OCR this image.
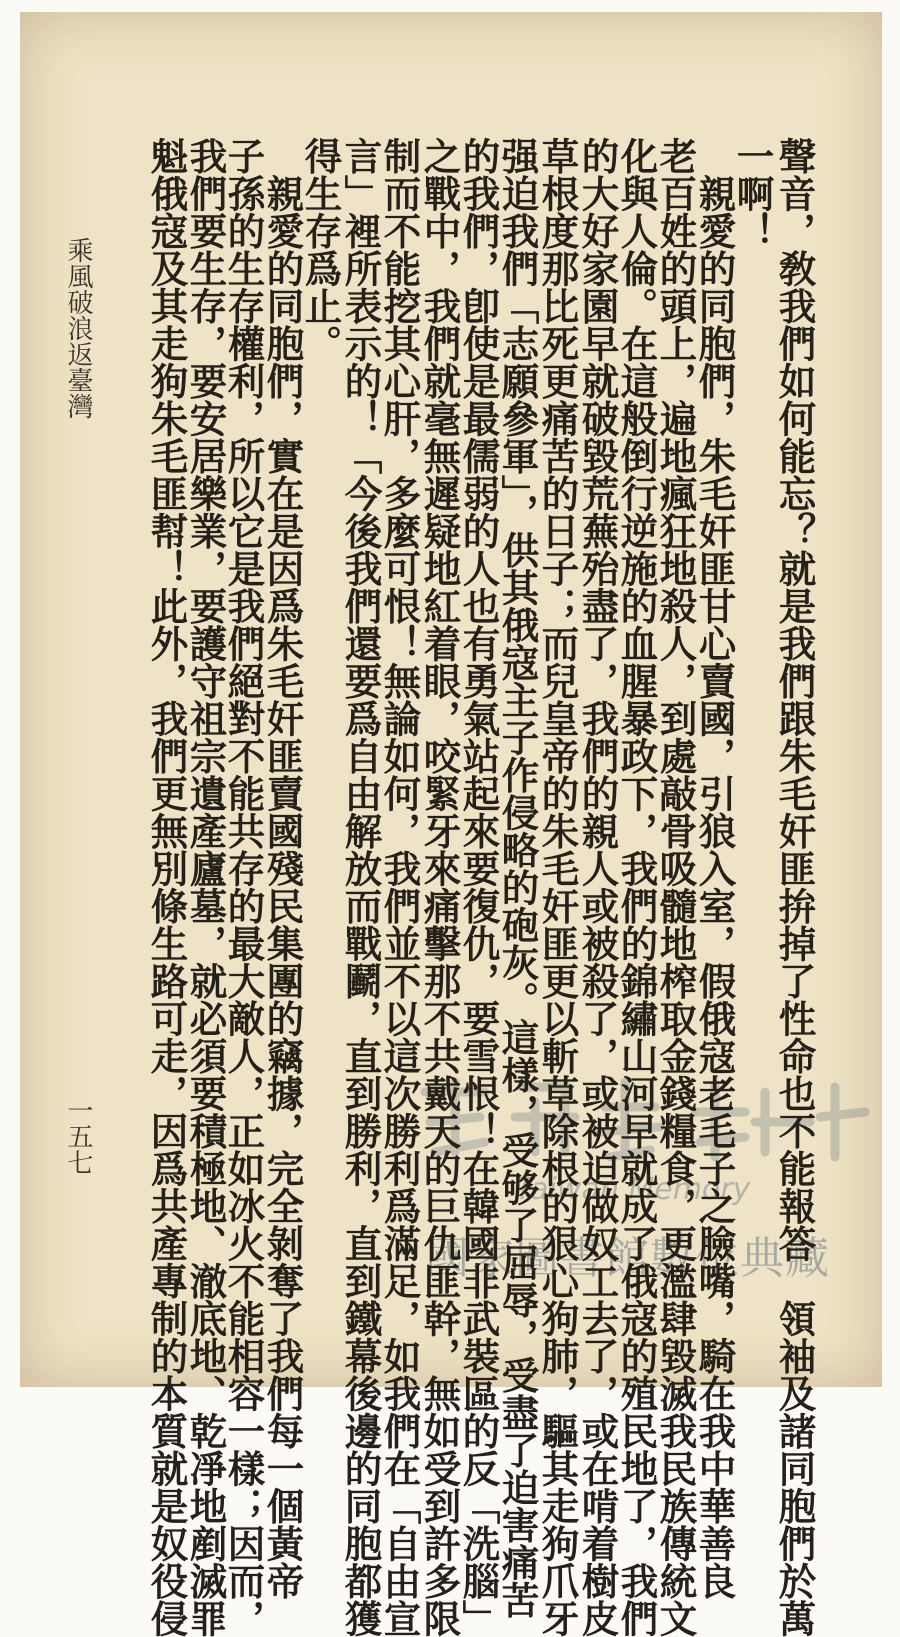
Taiwan Memory
國家圖書館數位典藏
聲音，敎我們如何能忘？就是我們跟朱毛奸匪拚掉了性命也不能報答　領袖及諸同胞們於萬
一啊！
　親愛的同胞們，朱毛奸匪甘心賣國，引狼入室，假俄寇老毛子之臉嘴，騎在我中華善良
老百姓的頭上，遍地瘋狂地殺人，到處敲骨吸髓地榨取金錢糧食，更濫肆毀滅我民族傳統文
化與人倫。在這般倒行逆施的血腥暴政下，我們的錦繡山河早就成了俄寇的殖民地了，我們
的大好家園早就破毀荒蕪殆盡了，我們的親人或被殺了，或被迫做奴工去了，或在啃着樹皮
草根度那比死更痛苦的日子；而兒皇帝的朱毛奸匪更以斬草除根的狠心狗肺，驅其走狗爪牙
强迫我們「志願參軍」，供其俄寇主子作侵略的砲灰。這樣，受够了屈辱，受盡了迫害痛苦
的我們，卽使是最儒弱的人也有勇氣站起來要復仇，要雪恨！在韓國非武裝區的反「洗腦」
之戰中，我們就毫無遲疑地紅着眼，咬緊牙來痛擊那不共戴天的巨仇匪幹，無如受到許多限
制而不能挖其心肝，多麼可恨！無論如何，我們並不以這次勝利爲滿足，如我們在「自由宣
言」裡所表示的！「今後我們還要爲自由解放而戰鬬，直到勝利，直到鐵幕後邊的同胞都獲
得生存爲止。
　親愛的同胞們，實在是因爲朱毛奸匪賣國殘民集團的竊據，完全剝奪了我們每一個黃帝
子孫的生存權利，所以它是我們絕對不能共存的最大敵人，正如冰火不能相容一樣；因而，
我們要生存，要安居樂業，要護守祖宗遺產廬墓，就必須要積極地、澈底地、乾凈地剷滅罪
魁俄寇及其走狗朱毛匪幇！此外，我們更無別條生路可走，因爲共產專制的本質就是奴役侵
乘風破浪返臺灣
一五七
